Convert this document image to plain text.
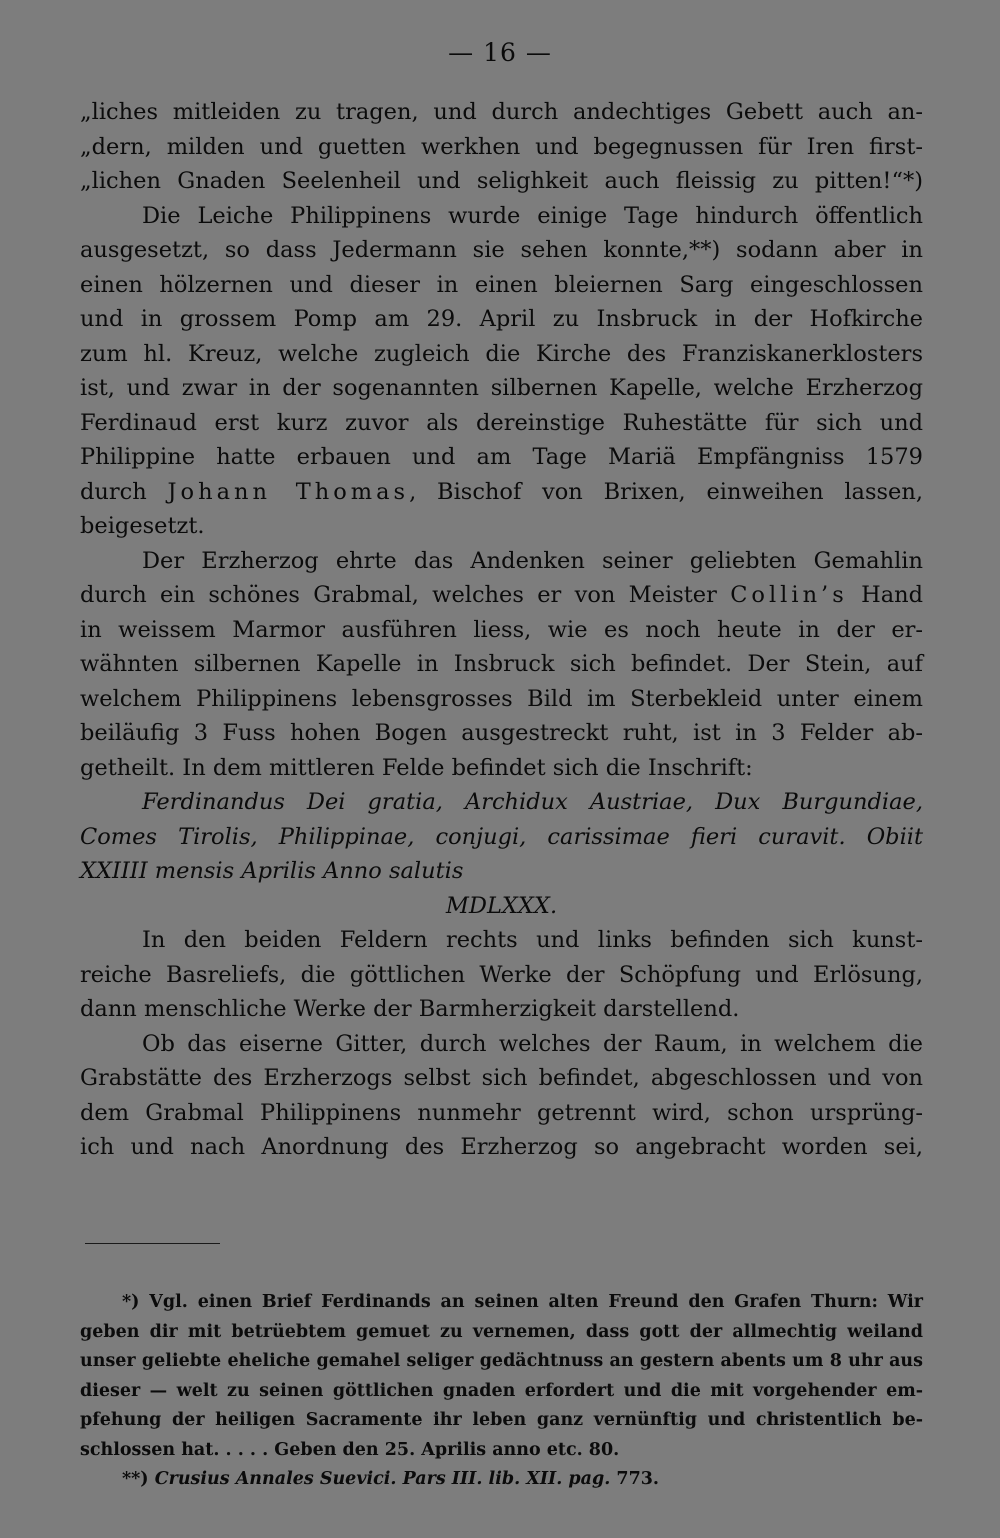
— 16 —
„liches mitleiden zu tragen, und durch andechtiges Gebett auch an-
„dern, milden und guetten werkhen und begegnussen für Iren first-
„lichen Gnaden Seelenheil und selighkeit auch fleissig zu pitten!“*)
Die Leiche Philippinens wurde einige Tage hindurch öffentlich
ausgesetzt, so dass Jedermann sie sehen konnte,**) sodann aber in
einen hölzernen und dieser in einen bleiernen Sarg eingeschlossen
und in grossem Pomp am 29. April zu Insbruck in der Hofkirche
zum hl. Kreuz, welche zugleich die Kirche des Franziskanerklosters
ist, und zwar in der sogenannten silbernen Kapelle, welche Erzherzog
Ferdinaud erst kurz zuvor als dereinstige Ruhestätte für sich und
Philippine hatte erbauen und am Tage Mariä Empfängniss 1579
durch Johann Thomas, Bischof von Brixen, einweihen lassen,
beigesetzt.
Der Erzherzog ehrte das Andenken seiner geliebten Gemahlin
durch ein schönes Grabmal, welches er von Meister Collin’s Hand
in weissem Marmor ausführen liess, wie es noch heute in der er-
wähnten silbernen Kapelle in Insbruck sich befindet. Der Stein, auf
welchem Philippinens lebensgrosses Bild im Sterbekleid unter einem
beiläufig 3 Fuss hohen Bogen ausgestreckt ruht, ist in 3 Felder ab-
getheilt. In dem mittleren Felde befindet sich die Inschrift:
Ferdinandus Dei gratia, Archidux Austriae, Dux Burgundiae,
Comes Tirolis, Philippinae, conjugi, carissimae fieri curavit. Obiit
XXIIII mensis Aprilis Anno salutis
MDLXXX.
In den beiden Feldern rechts und links befinden sich kunst-
reiche Basreliefs, die göttlichen Werke der Schöpfung und Erlösung,
dann menschliche Werke der Barmherzigkeit darstellend.
Ob das eiserne Gitter, durch welches der Raum, in welchem die
Grabstätte des Erzherzogs selbst sich befindet, abgeschlossen und von
dem Grabmal Philippinens nunmehr getrennt wird, schon ursprüng-
ich und nach Anordnung des Erzherzog so angebracht worden sei,
*) Vgl. einen Brief Ferdinands an seinen alten Freund den Grafen Thurn: Wir
geben dir mit betrüebtem gemuet zu vernemen, dass gott der allmechtig weiland
unser geliebte eheliche gemahel seliger gedächtnuss an gestern abents um 8 uhr aus
dieser — welt zu seinen göttlichen gnaden erfordert und die mit vorgehender em-
pfehung der heiligen Sacramente ihr leben ganz vernünftig und christentlich be-
schlossen hat. . . . . Geben den 25. Aprilis anno etc. 80.
**) Crusius Annales Suevici. Pars III. lib. XII. pag. 773.
